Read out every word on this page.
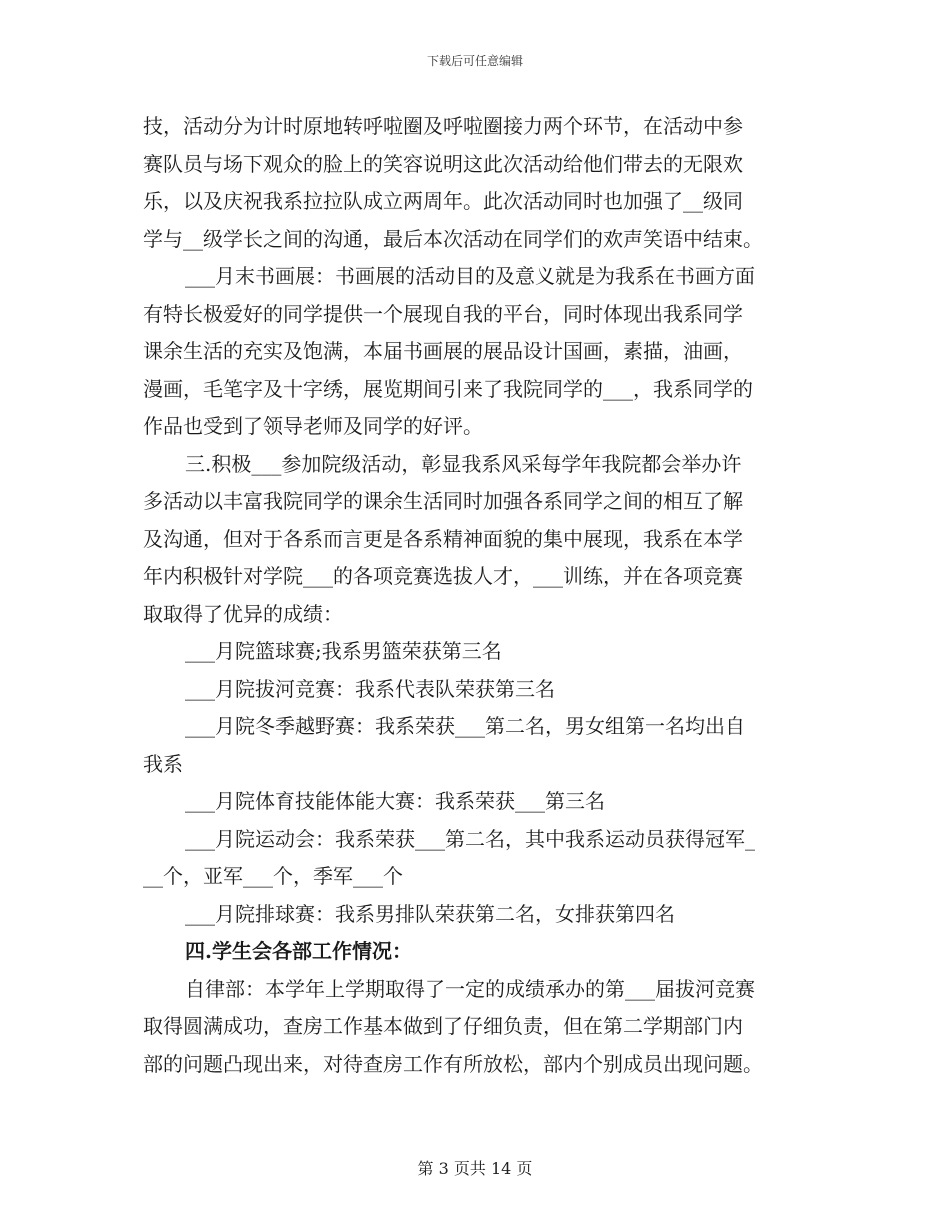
下载后可任意编辑
技，活动分为计时原地转呼啦圈及呼啦圈接力两个环节，在活动中参
赛队员与场下观众的脸上的笑容说明这此次活动给他们带去的无限欢
乐，以及庆祝我系拉拉队成立两周年。此次活动同时也加强了__级同
学与__级学长之间的沟通，最后本次活动在同学们的欢声笑语中结束。
___月末书画展：书画展的活动目的及意义就是为我系在书画方面
有特长极爱好的同学提供一个展现自我的平台，同时体现出我系同学
课余生活的充实及饱满，本届书画展的展品设计国画，素描，油画，
漫画，毛笔字及十字绣，展览期间引来了我院同学的___，我系同学的
作品也受到了领导老师及同学的好评。
三.积极___参加院级活动，彰显我系风采每学年我院都会举办许
多活动以丰富我院同学的课余生活同时加强各系同学之间的相互了解
及沟通，但对于各系而言更是各系精神面貌的集中展现，我系在本学
年内积极针对学院___的各项竞赛选拔人才，___训练，并在各项竞赛
取取得了优异的成绩：
___月院篮球赛;我系男篮荣获第三名
___月院拔河竞赛：我系代表队荣获第三名
___月院冬季越野赛：我系荣获___第二名，男女组第一名均出自
我系
___月院体育技能体能大赛：我系荣获___第三名
___月院运动会：我系荣获___第二名，其中我系运动员获得冠军_
__个，亚军___个，季军___个
___月院排球赛：我系男排队荣获第二名，女排获第四名
四.学生会各部工作情况：
自律部：本学年上学期取得了一定的成绩承办的第___届拔河竞赛
取得圆满成功，查房工作基本做到了仔细负责，但在第二学期部门内
部的问题凸现出来，对待查房工作有所放松，部内个别成员出现问题。
第 3 页共 14 页
